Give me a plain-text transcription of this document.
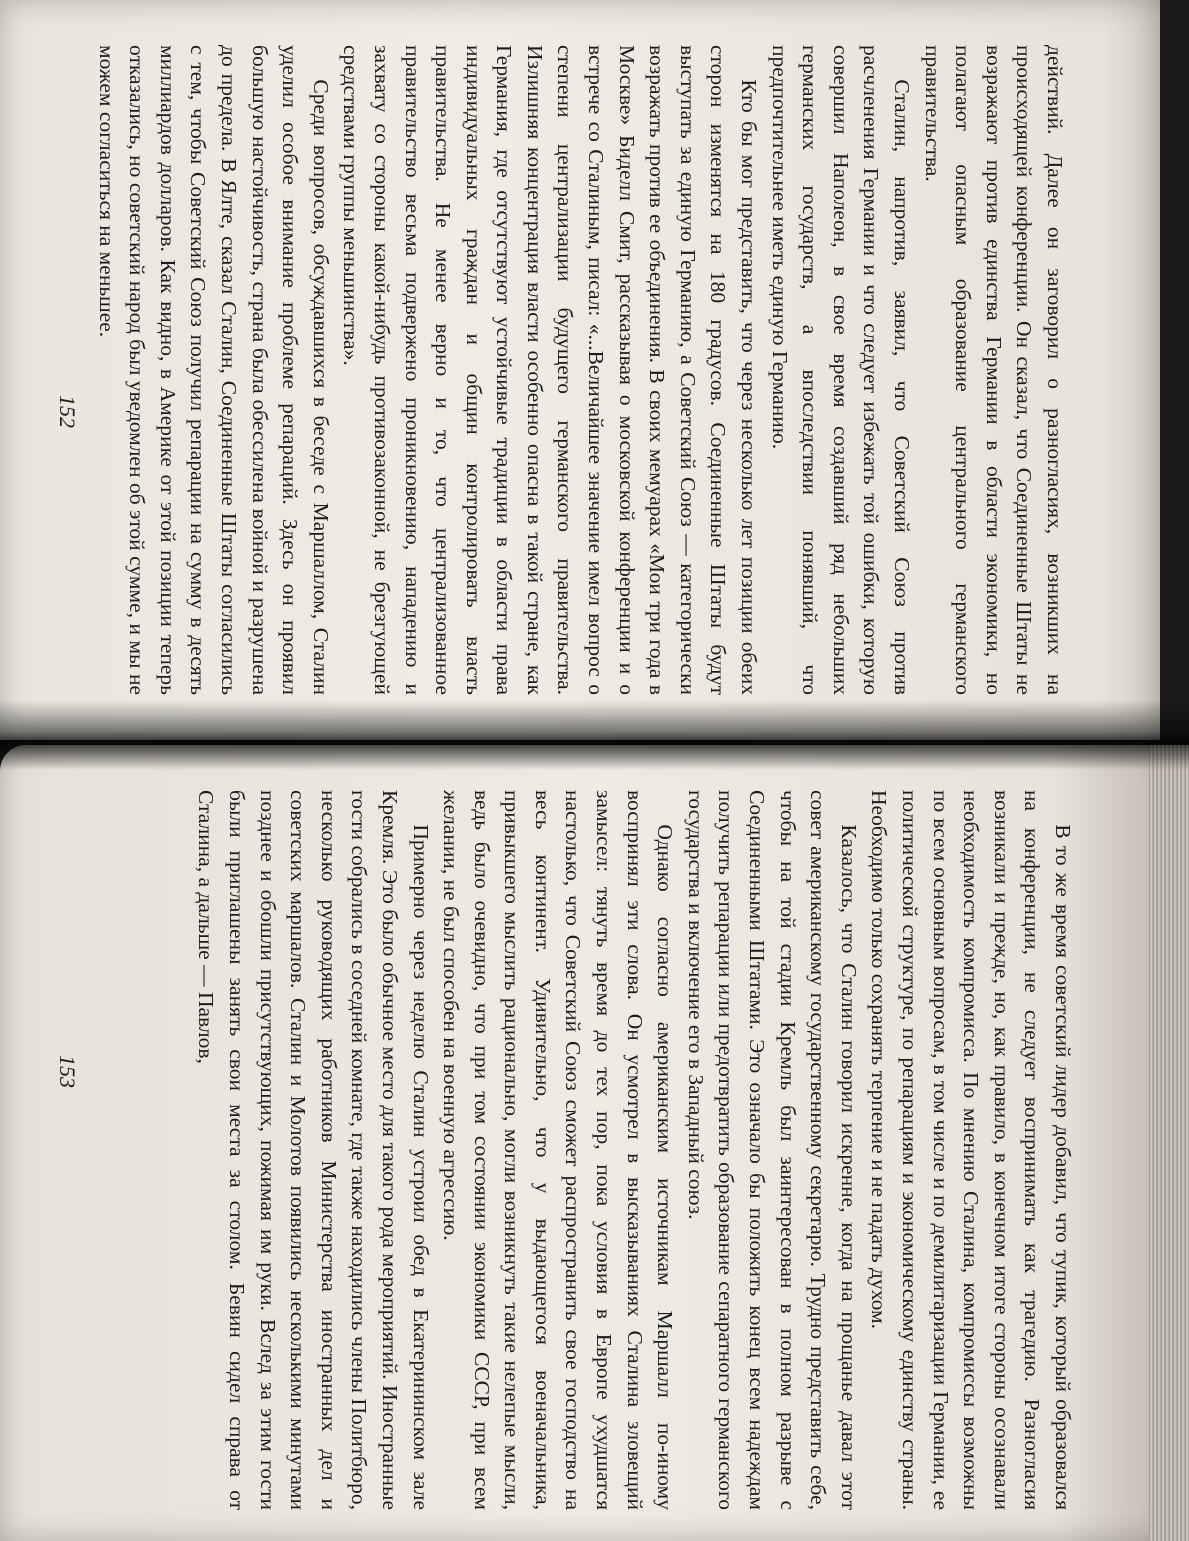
действий. Далее он заговорил о разногласиях, возникших на происходящей конференции. Он сказал, что Соединенные Штаты не возражают против единства Германии в области экономики, но полагают опасным образование центрального германского правительства.

Сталин, напротив, заявил, что Советский Союз против расчленения Германии и что следует избежать той ошибки, которую совершил Наполеон, в свое время создавший ряд небольших германских государств, а впоследствии понявший, что предпочтительнее иметь единую Германию.

Кто бы мог представить, что через несколько лет позиции обеих сторон изменятся на 180 градусов. Соединенные Штаты будут выступать за единую Германию, а Советский Союз — категорически возражать против ее объединения. В своих мемуарах «Мои три года в Москве» Биделл Смит, рассказывая о московской конференции и о встрече со Сталиным, писал: «...Величайшее значение имел вопрос о степени централизации будущего германского правительства. Излишняя концентрация власти особенно опасна в такой стране, как Германия, где отсутствуют устойчивые традиции в области права индивидуальных граждан и общин контролировать власть правительства. Не менее верно и то, что централизованное правительство весьма подвержено проникновению, нападению и захвату со стороны какой-нибудь противозаконной, не брезгующей средствами группы меньшинства».

Среди вопросов, обсуждавшихся в беседе с Маршаллом, Сталин уделил особое внимание проблеме репараций. Здесь он проявил большую настойчивость, страна была обессилена войной и разрушена до предела. В Ялте, сказал Сталин, Соединенные Штаты согласились с тем, чтобы Советский Союз получил репарации на сумму в десять миллиардов долларов. Как видно, в Америке от этой позиции теперь отказались, но советский народ был уведомлен об этой сумме, и мы не можем согласиться на меньшее.

152

В то же время советский лидер добавил, что тупик, который образовался на конференции, не следует воспринимать как трагедию. Разногласия возникали и прежде, но, как правило, в конечном итоге стороны осознавали необходимость компромисса. По мнению Сталина, компромиссы возможны по всем основным вопросам, в том числе и по демилитаризации Германии, ее политической структуре, по репарациям и экономическому единству страны. Необходимо только сохранять терпение и не падать духом.

Казалось, что Сталин говорил искренне, когда на прощанье давал этот совет американскому государственному секретарю. Трудно представить себе, чтобы на той стадии Кремль был заинтересован в полном разрыве с Соединенными Штатами. Это означало бы положить конец всем надеждам получить репарации или предотвратить образование сепаратного германского государства и включение его в Западный союз.

Однако согласно американским источникам Маршалл по-иному воспринял эти слова. Он усмотрел в высказываниях Сталина зловещий замысел: тянуть время до тех пор, пока условия в Европе ухудшатся настолько, что Советский Союз сможет распространить свое господство на весь континент. Удивительно, что у выдающегося военачальника, привыкшего мыслить рационально, могли возникнуть такие нелепые мысли, ведь было очевидно, что при том состоянии экономики СССР, при всем желании, не был способен на военную агрессию.

Примерно через неделю Сталин устроил обед в Екатерининском зале Кремля. Это было обычное место для такого рода мероприятий. Иностранные гости собрались в соседней комнате, где также находились члены Политбюро, несколько руководящих работников Министерства иностранных дел и советских маршалов. Сталин и Молотов появились несколькими минутами позднее и обошли присутствующих, пожимая им руки. Вслед за этим гости были приглашены занять свои места за столом. Бевин сидел справа от Сталина, а дальше — Павлов,

153
